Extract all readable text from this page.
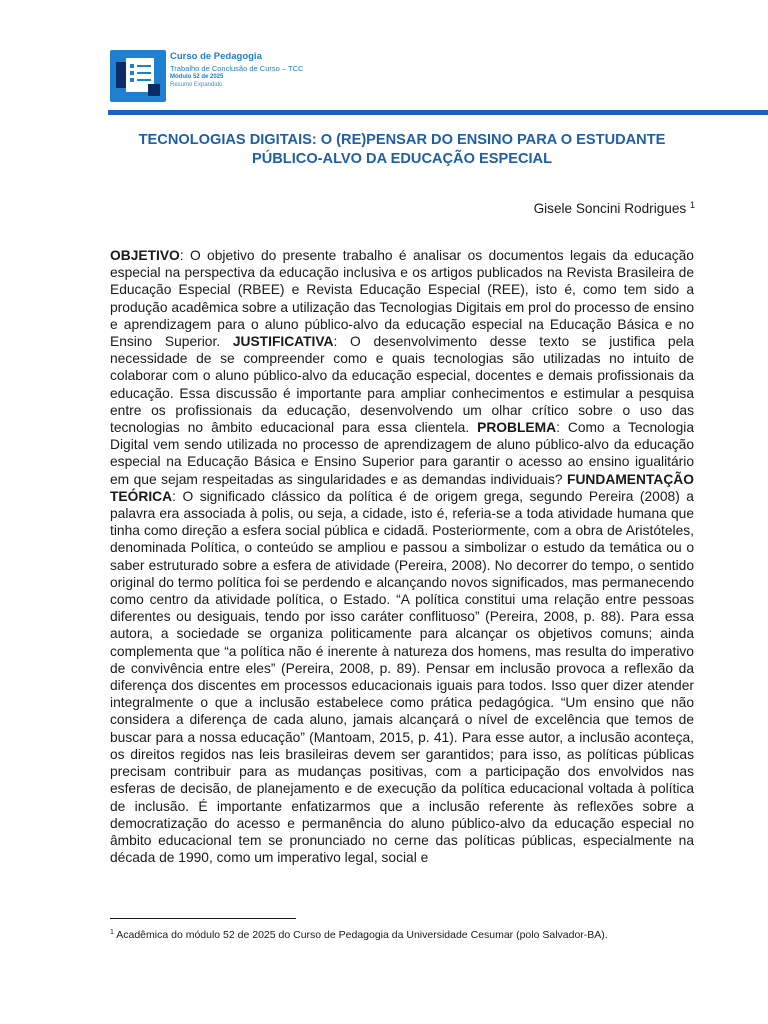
Curso de Pedagogia
Trabalho de Conclusão de Curso – TCC
Módulo 52 de 2025
Resumo Expandido
TECNOLOGIAS DIGITAIS: O (RE)PENSAR DO ENSINO PARA O ESTUDANTE PÚBLICO-ALVO DA EDUCAÇÃO ESPECIAL
Gisele Soncini Rodrigues $^1$

OBJETIVO: O objetivo do presente trabalho é analisar os documentos legais da educação especial na perspectiva da educação inclusiva e os artigos publicados na Revista Brasileira de Educação Especial (RBEE) e Revista Educação Especial (REE), isto é, como tem sido a produção acadêmica sobre a utilização das Tecnologias Digitais em prol do processo de ensino e aprendizagem para o aluno público-alvo da educação especial na Educação Básica e no Ensino Superior. JUSTIFICATIVA: O desenvolvimento desse texto se justifica pela necessidade de se compreender como e quais tecnologias são utilizadas no intuito de colaborar com o aluno público-alvo da educação especial, docentes e demais profissionais da educação. Essa discussão é importante para ampliar conhecimentos e estimular a pesquisa entre os profissionais da educação, desenvolvendo um olhar crítico sobre o uso das tecnologias no âmbito educacional para essa clientela. PROBLEMA: Como a Tecnologia Digital vem sendo utilizada no processo de aprendizagem de aluno público-alvo da educação especial na Educação Básica e Ensino Superior para garantir o acesso ao ensino igualitário em que sejam respeitadas as singularidades e as demandas individuais? FUNDAMENTAÇÃO TEÓRICA: O significado clássico da política é de origem grega, segundo Pereira (2008) a palavra era associada à polis, ou seja, a cidade, isto é, referia-se a toda atividade humana que tinha como direção a esfera social pública e cidadã. Posteriormente, com a obra de Aristóteles, denominada Política, o conteúdo se ampliou e passou a simbolizar o estudo da temática ou o saber estruturado sobre a esfera de atividade (Pereira, 2008). No decorrer do tempo, o sentido original do termo política foi se perdendo e alcançando novos significados, mas permanecendo como centro da atividade política, o Estado. “A política constitui uma relação entre pessoas diferentes ou desiguais, tendo por isso caráter conflituoso” (Pereira, 2008, p. 88). Para essa autora, a sociedade se organiza politicamente para alcançar os objetivos comuns; ainda complementa que “a política não é inerente à natureza dos homens, mas resulta do imperativo de convivência entre eles” (Pereira, 2008, p. 89). Pensar em inclusão provoca a reflexão da diferença dos discentes em processos educacionais iguais para todos. Isso quer dizer atender integralmente o que a inclusão estabelece como prática pedagógica. “Um ensino que não considera a diferença de cada aluno, jamais alcançará o nível de excelência que temos de buscar para a nossa educação” (Mantoam, 2015, p. 41). Para esse autor, a inclusão aconteça, os direitos regidos nas leis brasileiras devem ser garantidos; para isso, as políticas públicas precisam contribuir para as mudanças positivas, com a participação dos envolvidos nas esferas de decisão, de planejamento e de execução da política educacional voltada à política de inclusão. É importante enfatizarmos que a inclusão referente às reflexões sobre a democratização do acesso e permanência do aluno público-alvo da educação especial no âmbito educacional tem se pronunciado no cerne das políticas públicas, especialmente na década de 1990, como um imperativo legal, social e

$^1$ Acadêmica do módulo 52 de 2025 do Curso de Pedagogia da Universidade Cesumar (polo Salvador-BA).
